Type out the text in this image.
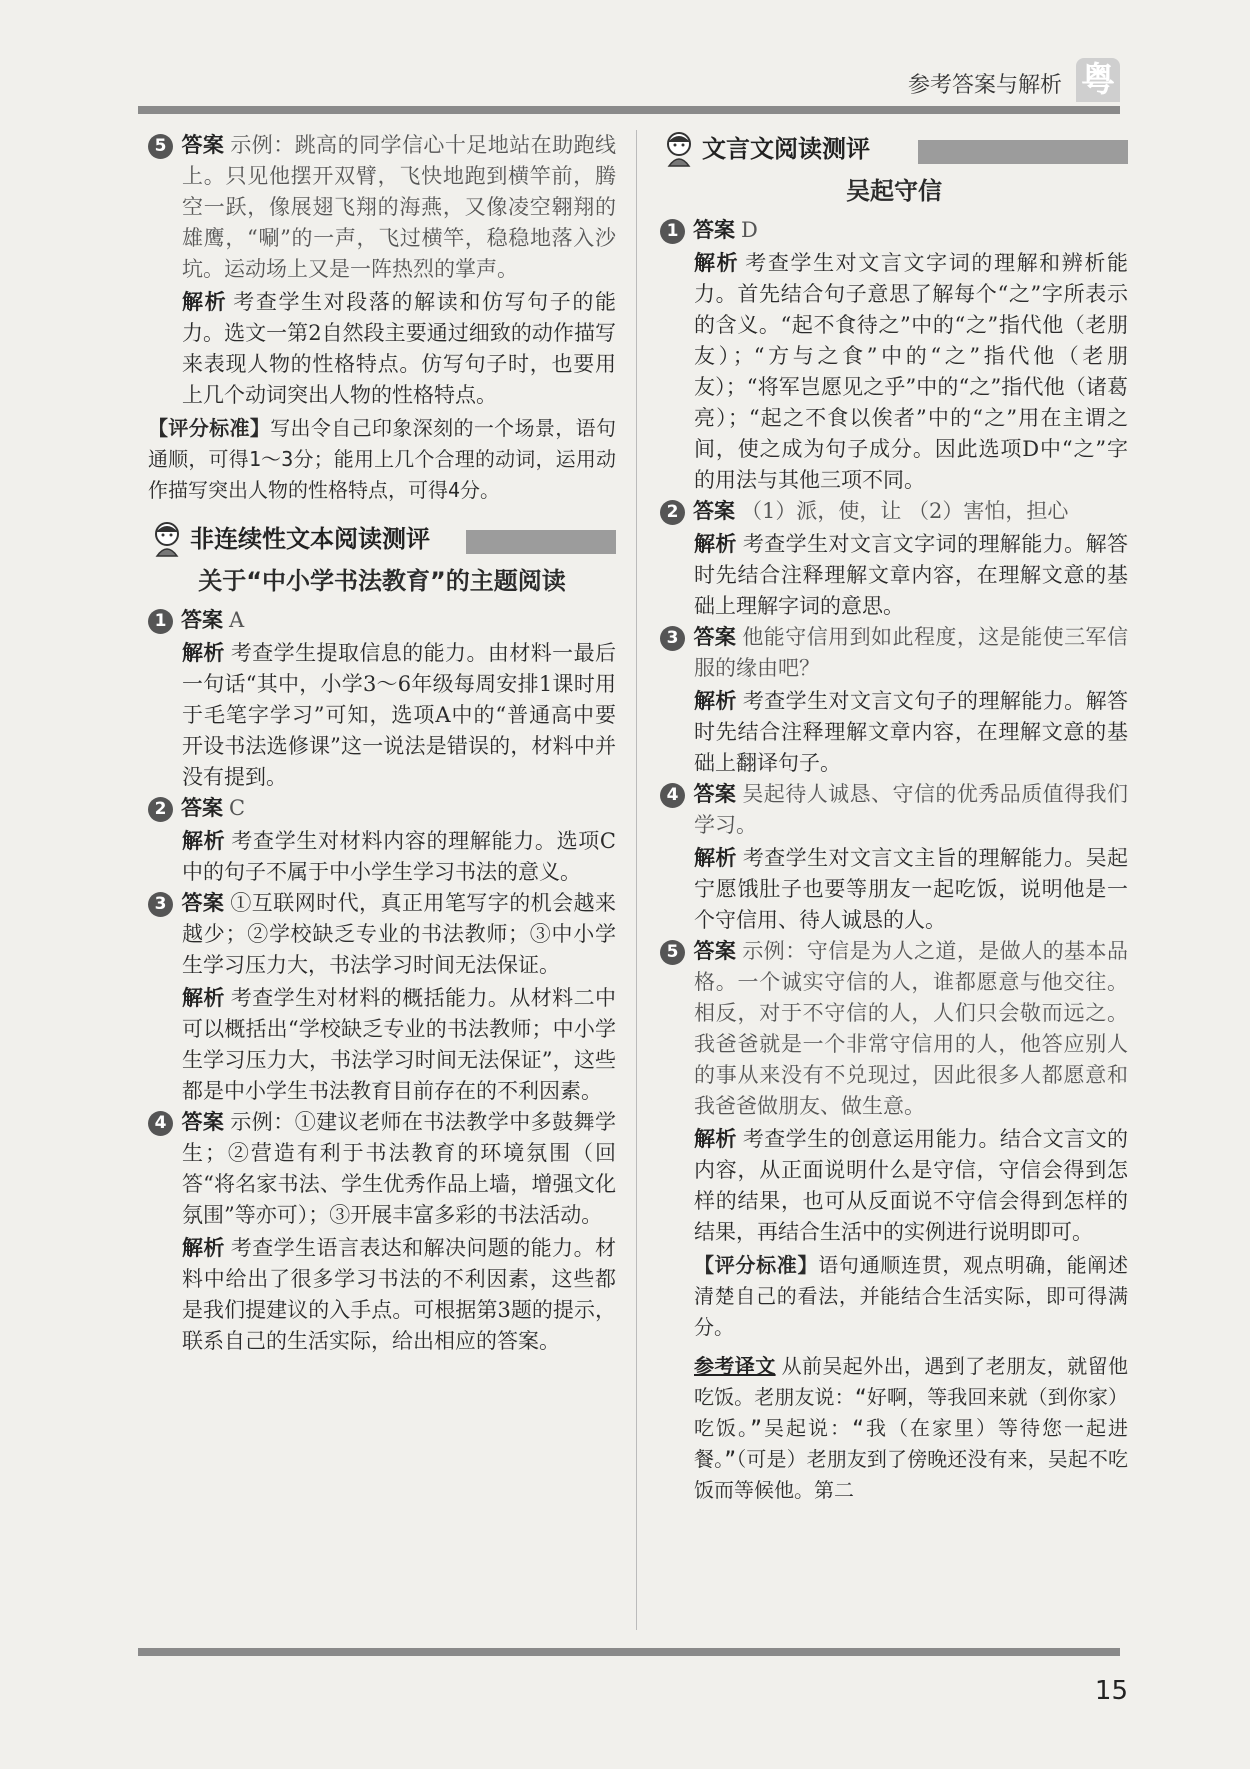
参考答案与解析 粤
5 答案 示例：跳高的同学信心十足地站在助跑线上。只见他摆开双臂，飞快地跑到横竿前，腾空一跃，像展翅飞翔的海燕，又像凌空翱翔的雄鹰，“唰”的一声，飞过横竿，稳稳地落入沙坑。运动场上又是一阵热烈的掌声。
解析 考查学生对段落的解读和仿写句子的能力。选文一第2自然段主要通过细致的动作描写来表现人物的性格特点。仿写句子时，也要用上几个动词突出人物的性格特点。
【评分标准】写出令自己印象深刻的一个场景，语句通顺，可得1～3分；能用上几个合理的动词，运用动作描写突出人物的性格特点，可得4分。
非连续性文本阅读测评
关于“中小学书法教育”的主题阅读
1 答案 A
解析 考查学生提取信息的能力。由材料一最后一句话“其中，小学3～6年级每周安排1课时用于毛笔字学习”可知，选项A中的“普通高中要开设书法选修课”这一说法是错误的，材料中并没有提到。
2 答案 C
解析 考查学生对材料内容的理解能力。选项C中的句子不属于中小学生学习书法的意义。
3 答案 ①互联网时代，真正用笔写字的机会越来越少；②学校缺乏专业的书法教师；③中小学生学习压力大，书法学习时间无法保证。
解析 考查学生对材料的概括能力。从材料二中可以概括出“学校缺乏专业的书法教师；中小学生学习压力大，书法学习时间无法保证”，这些都是中小学生书法教育目前存在的不利因素。
4 答案 示例：①建议老师在书法教学中多鼓舞学生；②营造有利于书法教育的环境氛围（回答“将名家书法、学生优秀作品上墙，增强文化氛围”等亦可）；③开展丰富多彩的书法活动。
解析 考查学生语言表达和解决问题的能力。材料中给出了很多学习书法的不利因素，这些都是我们提建议的入手点。可根据第3题的提示，联系自己的生活实际，给出相应的答案。
文言文阅读测评
吴起守信
1 答案 D
解析 考查学生对文言文字词的理解和辨析能力。首先结合句子意思了解每个“之”字所表示的含义。“起不食待之”中的“之”指代他（老朋友）；“方与之食”中的“之”指代他（老朋友）；“将军岂愿见之乎”中的“之”指代他（诸葛亮）；“起之不食以俟者”中的“之”用在主谓之间，使之成为句子成分。因此选项D中“之”字的用法与其他三项不同。
2 答案 （1）派，使，让 （2）害怕，担心
解析 考查学生对文言文字词的理解能力。解答时先结合注释理解文章内容，在理解文意的基础上理解字词的意思。
3 答案 他能守信用到如此程度，这是能使三军信服的缘由吧？
解析 考查学生对文言文句子的理解能力。解答时先结合注释理解文章内容，在理解文意的基础上翻译句子。
4 答案 吴起待人诚恳、守信的优秀品质值得我们学习。
解析 考查学生对文言文主旨的理解能力。吴起宁愿饿肚子也要等朋友一起吃饭，说明他是一个守信用、待人诚恳的人。
5 答案 示例：守信是为人之道，是做人的基本品格。一个诚实守信的人，谁都愿意与他交往。相反，对于不守信的人，人们只会敬而远之。我爸爸就是一个非常守信用的人，他答应别人的事从来没有不兑现过，因此很多人都愿意和我爸爸做朋友、做生意。
解析 考查学生的创意运用能力。结合文言文的内容，从正面说明什么是守信，守信会得到怎样的结果，也可从反面说不守信会得到怎样的结果，再结合生活中的实例进行说明即可。
【评分标准】语句通顺连贯，观点明确，能阐述清楚自己的看法，并能结合生活实际，即可得满分。
参考译文 从前吴起外出，遇到了老朋友，就留他吃饭。老朋友说：“好啊，等我回来就（到你家）吃饭。”吴起说：“我（在家里）等待您一起进餐。”（可是）老朋友到了傍晚还没有来，吴起不吃饭而等候他。第二
15
